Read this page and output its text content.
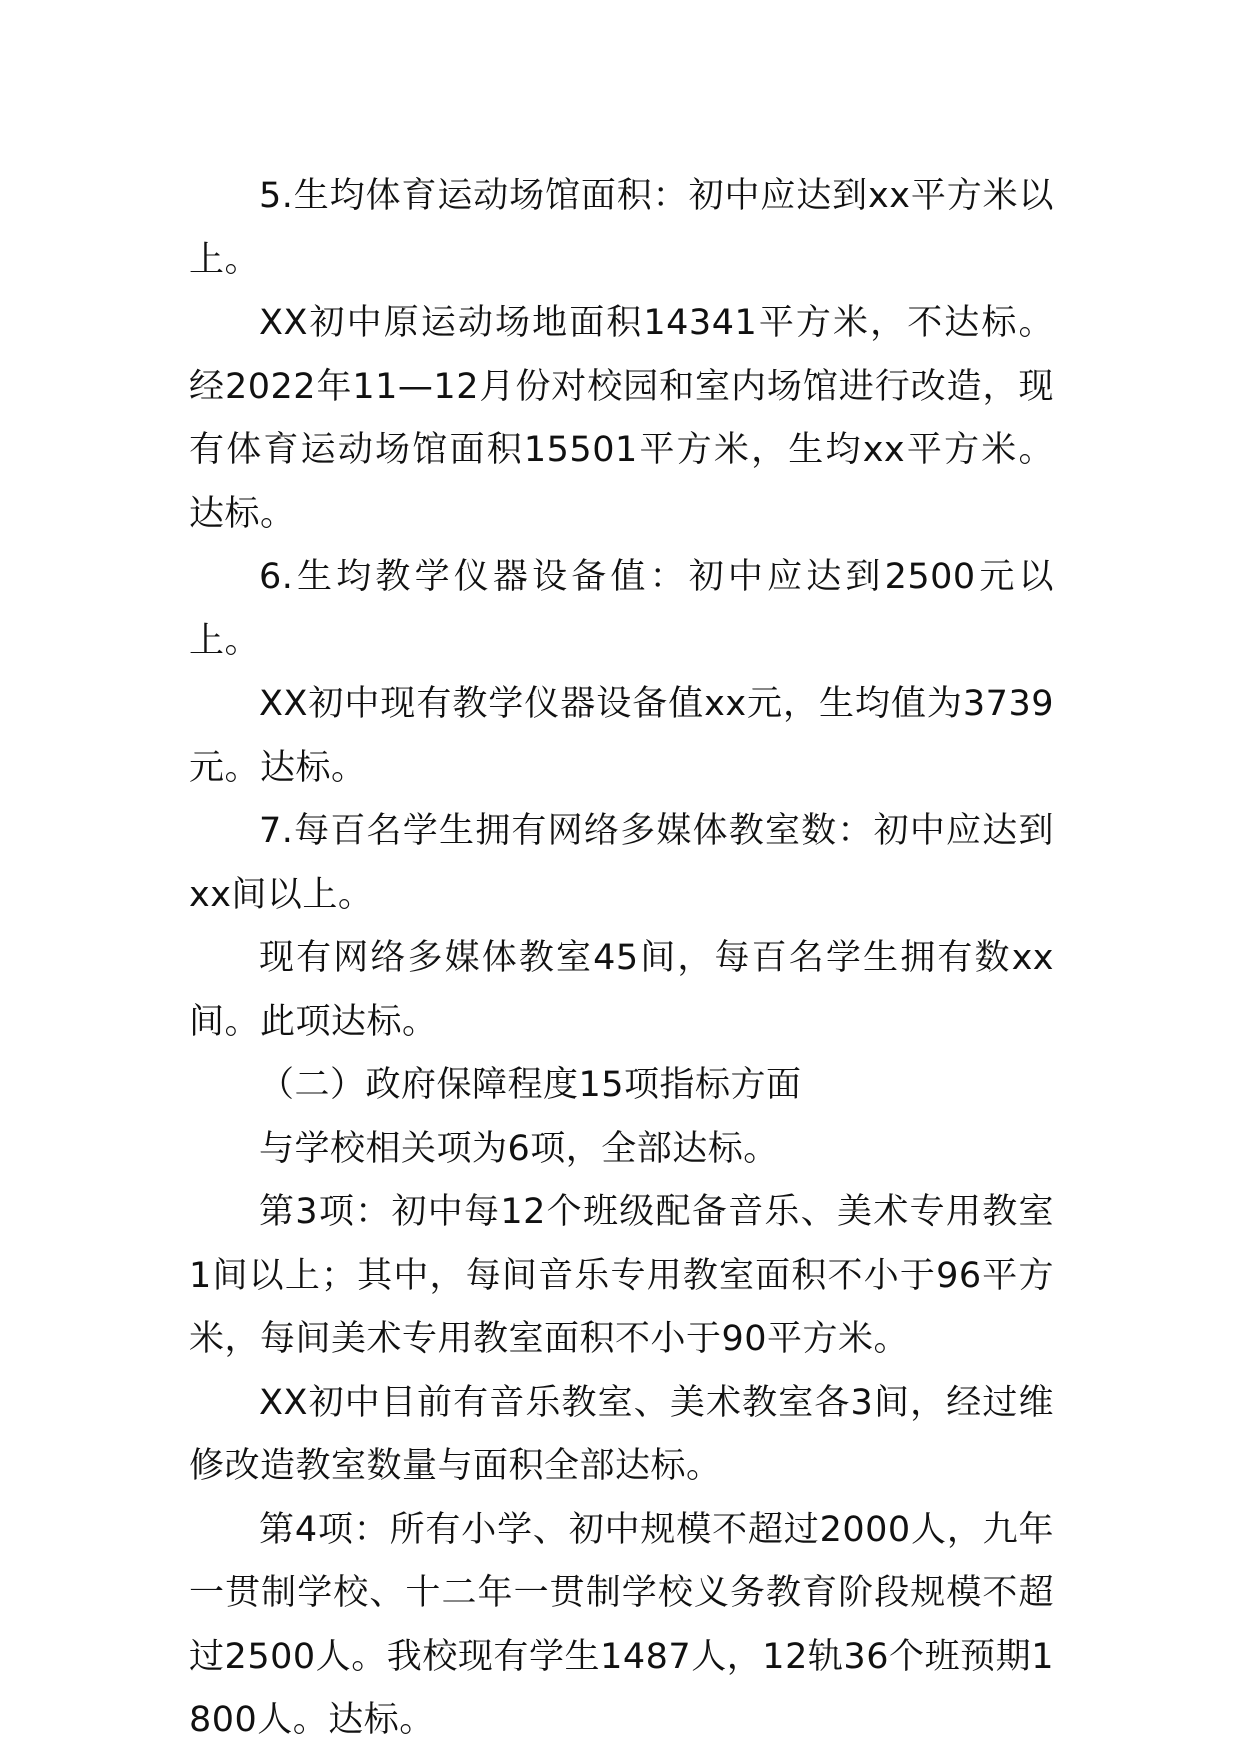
5.生均体育运动场馆面积：初中应达到xx平方米以上。

XX初中原运动场地面积14341平方米，不达标。经2022年11—12月份对校园和室内场馆进行改造，现有体育运动场馆面积15501平方米，生均xx平方米。达标。

6.生均教学仪器设备值：初中应达到2500元以上。

XX初中现有教学仪器设备值xx元，生均值为3739元。达标。

7.每百名学生拥有网络多媒体教室数：初中应达到xx间以上。

现有网络多媒体教室45间，每百名学生拥有数xx间。此项达标。

（二）政府保障程度15项指标方面

与学校相关项为6项，全部达标。

第3项：初中每12个班级配备音乐、美术专用教室1间以上；其中，每间音乐专用教室面积不小于96平方米，每间美术专用教室面积不小于90平方米。

XX初中目前有音乐教室、美术教室各3间，经过维修改造教室数量与面积全部达标。

第4项：所有小学、初中规模不超过2000人，九年一贯制学校、十二年一贯制学校义务教育阶段规模不超过2500人。我校现有学生1487人，12轨36个班预期1800人。达标。
